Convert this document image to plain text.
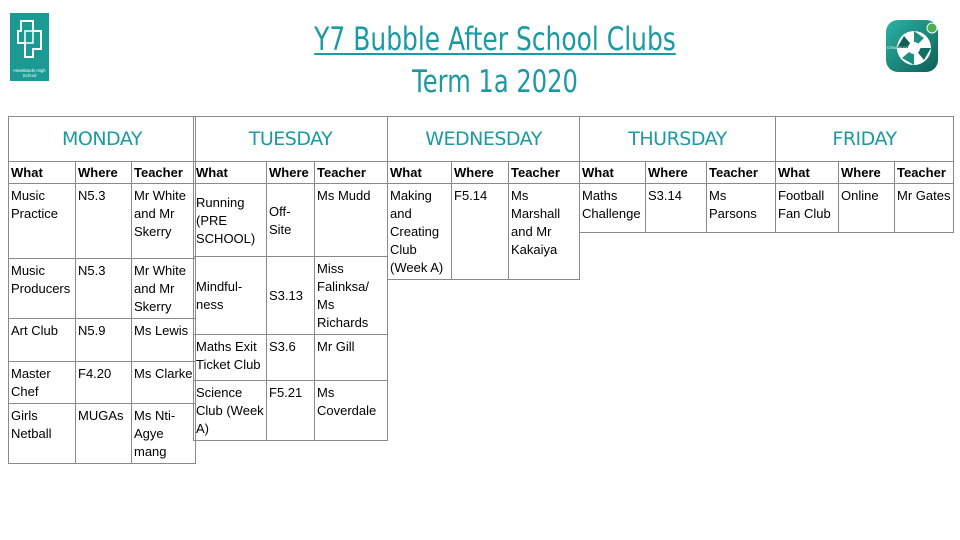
Heartlands High School
STRANDLEYSTUDIO
Y7 Bubble After School Clubs
Term 1a 2020
MONDAY		
What	Where	Teacher
Music Practice	N5.3	Mr White and Mr Skerry
Music Producers	N5.3	Mr White and Mr Skerry
Art Club	N5.9	Ms Lewis
Master Chef	F4.20	Ms Clarke
Girls Netball	MUGAs	Ms Nti-Agye mang
TUESDAY		
What	Where	Teacher
Running (PRE SCHOOL)	Off-Site	Ms Mudd
Mindful-ness	S3.13	Miss Falinksa/ Ms Richards
Maths Exit Ticket Club	S3.6	Mr Gill
Science Club (Week A)	F5.21	Ms Coverdale
WEDNESDAY		
What	Where	Teacher
Making and Creating Club (Week A)	F5.14	Ms Marshall and Mr Kakaiya
THURSDAY		
What	Where	Teacher
Maths Challenge	S3.14	Ms Parsons
FRIDAY		
What	Where	Teacher
Football Fan Club	Online	Mr Gates
